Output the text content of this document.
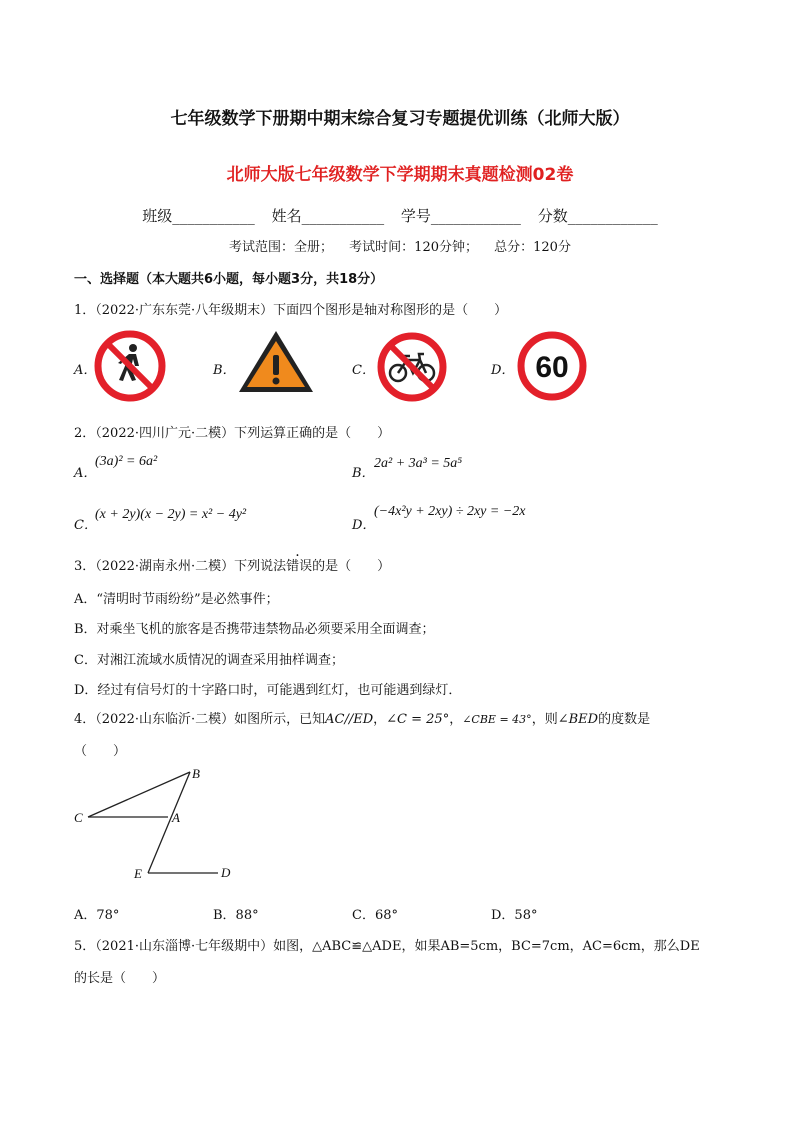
七年级数学下册期中期末综合复习专题提优训练（北师大版）
北师大版七年级数学下学期期末真题检测02卷
班级___________ 姓名___________ 学号____________ 分数____________
考试范围：全册； 考试时间：120分钟； 总分：120分
一、选择题（本大题共6小题，每小题3分，共18分）
1．（2022·广东东莞·八年级期末）下面四个图形是轴对称图形的是（　　）
A．	B．	C．	D． 60
2．（2022·四川广元·二模）下列运算正确的是（　　）
A．
(3a)² = 6a²
B．
2a² + 3a³ = 5a⁵
C．
(x + 2y)(x − 2y) = x² − 4y²
D．
(−4x²y + 2xy) ÷ 2xy = −2x
3．（2022·湖南永州·二模）下列说法错误的是（　　）
A．“清明时节雨纷纷”是必然事件；
B．对乘坐飞机的旅客是否携带违禁物品必须要采用全面调查；
C．对湘江流域水质情况的调查采用抽样调查；
D．经过有信号灯的十字路口时，可能遇到红灯，也可能遇到绿灯．
4．（2022·山东临沂·二模）如图所示，已知AC//ED，∠C = 25°，∠CBE = 43°，则∠BED的度数是
（　　）
B
C	A
E	D
A．78°	B．88°	C．68°	D．58°
5．（2021·山东淄博·七年级期中）如图，△ABC≌△ADE，如果AB=5cm，BC=7cm，AC=6cm，那么DE
的长是（　　）
